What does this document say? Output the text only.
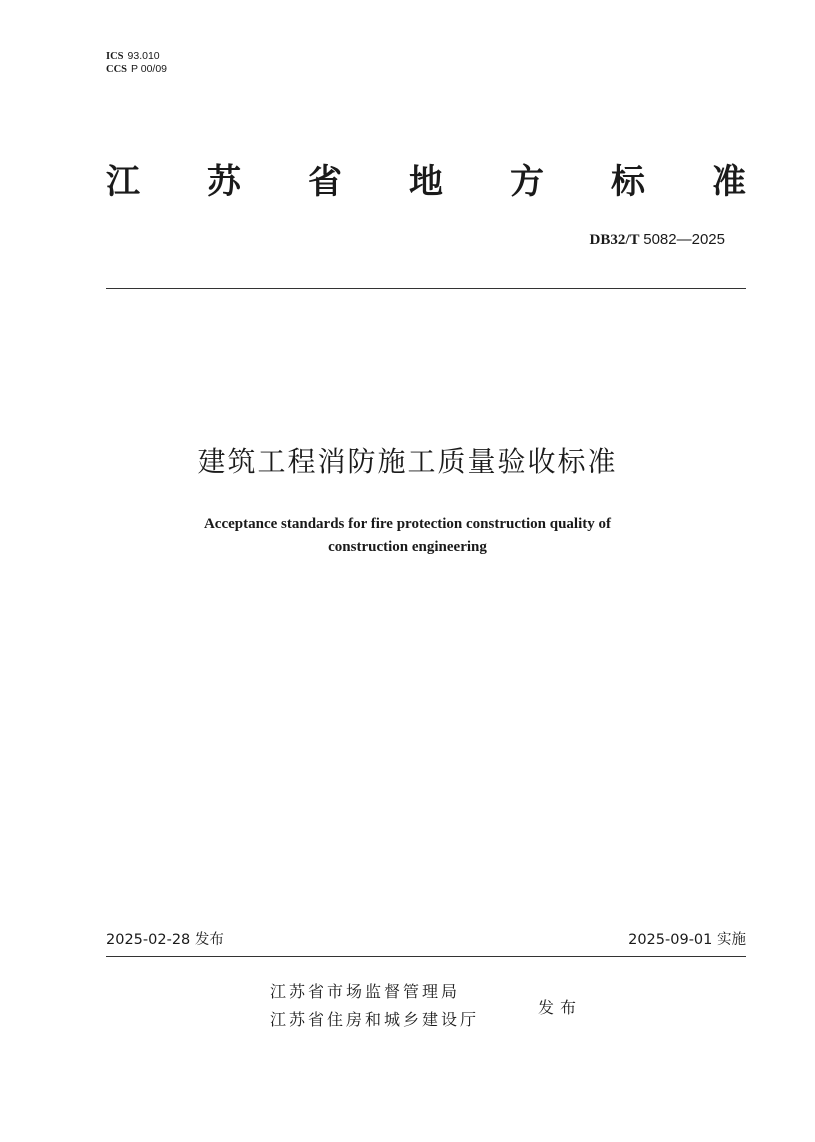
ICS 93.010
CCS P 00/09
江 苏 省 地 方 标 准
DB32/T 5082—2025
建筑工程消防施工质量验收标准
Acceptance standards for fire protection construction quality of
construction engineering
2025-02-28 发布	2025-09-01 实施
江苏省市场监督管理局
江苏省住房和城乡建设厅
发布
